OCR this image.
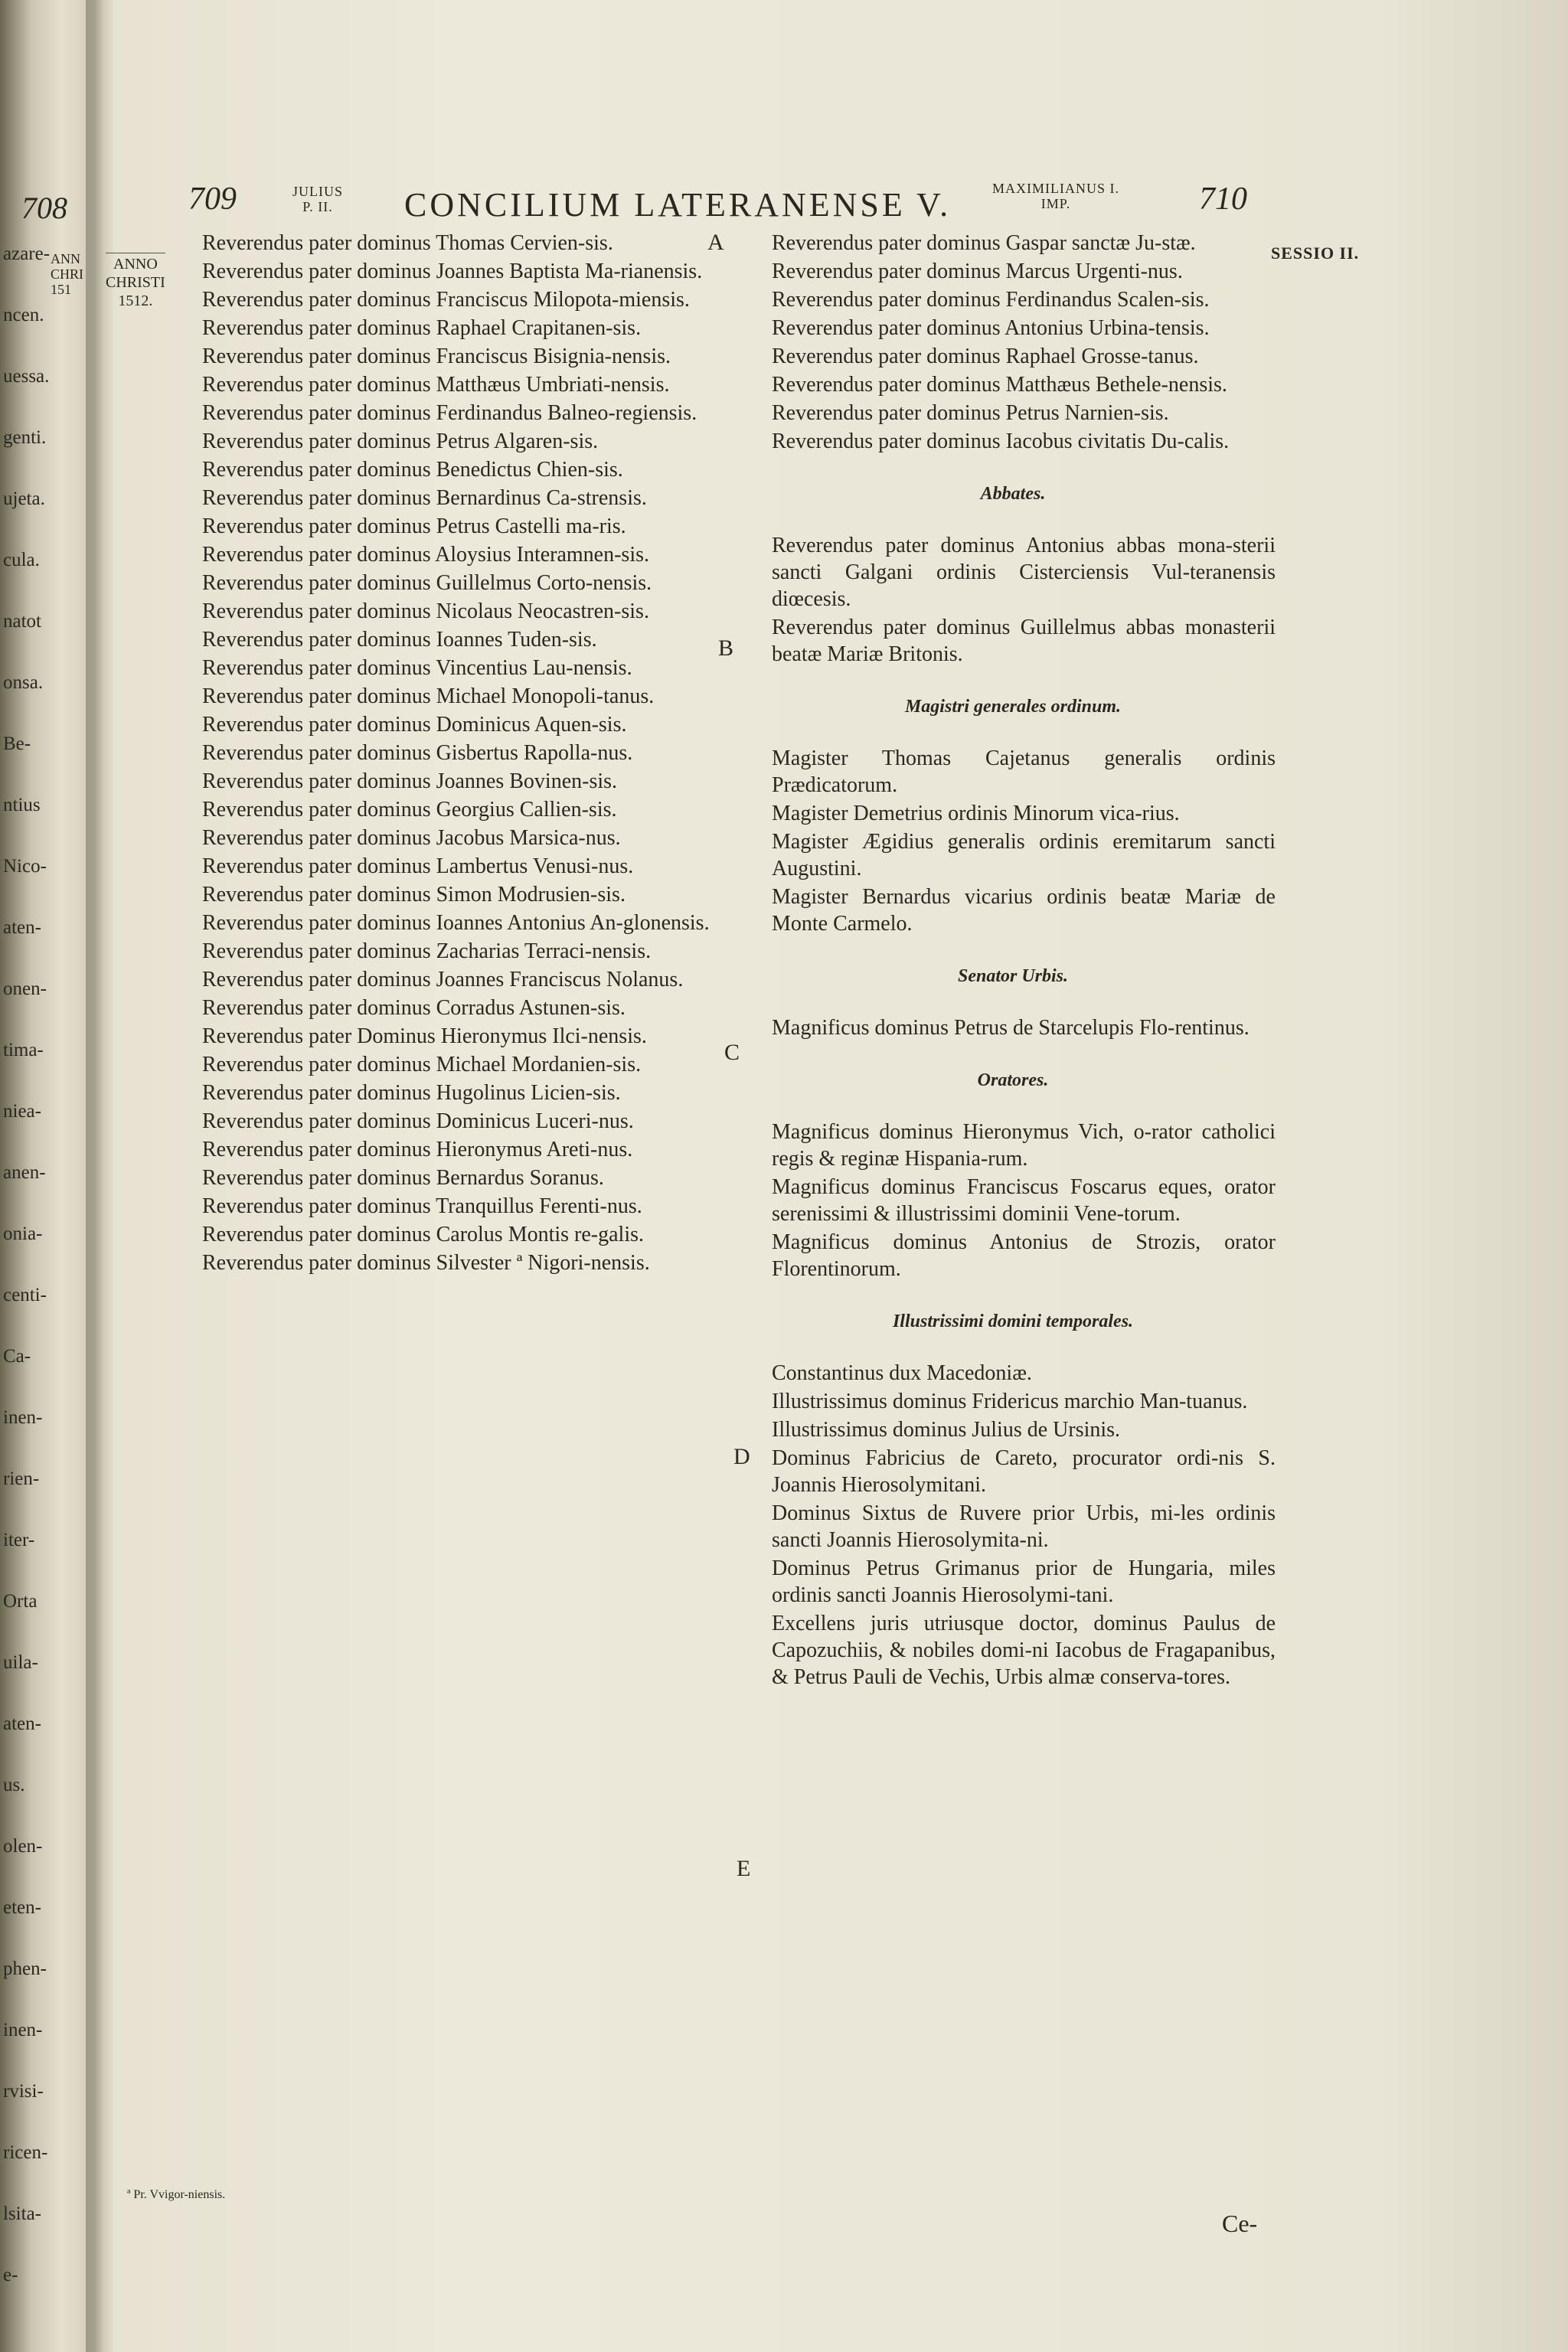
708
ANN
CHRI
151
azare-
ncen.
uessa.
genti.
ujeta.
cula.
natot
onsa.
Be-
ntius
Nico-
aten-
onen-
tima-
niea-
anen-
onia-
centi-
Ca-
inen-
rien-
iter-
Orta
uila-
aten-
us.
olen-
eten-
phen-
inen-
rvisi-
ricen-
lsita-
e-
709	JULIUS
P. II.	CONCILIUM LATERANENSE V.	MAXIMILIANUS I.
IMP.	710
SESSIO II.
ANNO
CHRISTI
1512.
A
B
C
D
E

Reverendus pater dominus Thomas Cervien-sis.

Reverendus pater dominus Joannes Baptista Ma-rianensis.

Reverendus pater dominus Franciscus Milopota-miensis.

Reverendus pater dominus Raphael Crapitanen-sis.

Reverendus pater dominus Franciscus Bisignia-nensis.

Reverendus pater dominus Matthæus Umbriati-nensis.

Reverendus pater dominus Ferdinandus Balneo-regiensis.

Reverendus pater dominus Petrus Algaren-sis.

Reverendus pater dominus Benedictus Chien-sis.

Reverendus pater dominus Bernardinus Ca-strensis.

Reverendus pater dominus Petrus Castelli ma-ris.

Reverendus pater dominus Aloysius Interamnen-sis.

Reverendus pater dominus Guillelmus Corto-nensis.

Reverendus pater dominus Nicolaus Neocastren-sis.

Reverendus pater dominus Ioannes Tuden-sis.

Reverendus pater dominus Vincentius Lau-nensis.

Reverendus pater dominus Michael Monopoli-tanus.

Reverendus pater dominus Dominicus Aquen-sis.

Reverendus pater dominus Gisbertus Rapolla-nus.

Reverendus pater dominus Joannes Bovinen-sis.

Reverendus pater dominus Georgius Callien-sis.

Reverendus pater dominus Jacobus Marsica-nus.

Reverendus pater dominus Lambertus Venusi-nus.

Reverendus pater dominus Simon Modrusien-sis.

Reverendus pater dominus Ioannes Antonius An-glonensis.

Reverendus pater dominus Zacharias Terraci-nensis.

Reverendus pater dominus Joannes Franciscus Nolanus.

Reverendus pater dominus Corradus Astunen-sis.

Reverendus pater Dominus Hieronymus Ilci-nensis.

Reverendus pater dominus Michael Mordanien-sis.

Reverendus pater dominus Hugolinus Licien-sis.

Reverendus pater dominus Dominicus Luceri-nus.

Reverendus pater dominus Hieronymus Areti-nus.

Reverendus pater dominus Bernardus Soranus.

Reverendus pater dominus Tranquillus Ferenti-nus.

Reverendus pater dominus Carolus Montis re-galis.

Reverendus pater dominus Silvester ª Nigori-nensis.

Reverendus pater dominus Gaspar sanctæ Ju-stæ.

Reverendus pater dominus Marcus Urgenti-nus.

Reverendus pater dominus Ferdinandus Scalen-sis.

Reverendus pater dominus Antonius Urbina-tensis.

Reverendus pater dominus Raphael Grosse-tanus.

Reverendus pater dominus Matthæus Bethele-nensis.

Reverendus pater dominus Petrus Narnien-sis.

Reverendus pater dominus Iacobus civitatis Du-calis.

Abbates.

Reverendus pater dominus Antonius abbas mona-sterii sancti Galgani ordinis Cisterciensis Vul-teranensis diœcesis.

Reverendus pater dominus Guillelmus abbas monasterii beatæ Mariæ Britonis.

Magistri generales ordinum.

Magister Thomas Cajetanus generalis ordinis Prædicatorum.

Magister Demetrius ordinis Minorum vica-rius.

Magister Ægidius generalis ordinis eremitarum sancti Augustini.

Magister Bernardus vicarius ordinis beatæ Mariæ de Monte Carmelo.

Senator Urbis.

Magnificus dominus Petrus de Starcelupis Flo-rentinus.

Oratores.

Magnificus dominus Hieronymus Vich, o-rator catholici regis & reginæ Hispania-rum.

Magnificus dominus Franciscus Foscarus eques, orator serenissimi & illustrissimi dominii Vene-torum.

Magnificus dominus Antonius de Strozis, orator Florentinorum.

Illustrissimi domini temporales.

Constantinus dux Macedoniæ.

Illustrissimus dominus Fridericus marchio Man-tuanus.

Illustrissimus dominus Julius de Ursinis.

Dominus Fabricius de Careto, procurator ordi-nis S. Joannis Hierosolymitani.

Dominus Sixtus de Ruvere prior Urbis, mi-les ordinis sancti Joannis Hierosolymita-ni.

Dominus Petrus Grimanus prior de Hungaria, miles ordinis sancti Joannis Hierosolymi-tani.

Excellens juris utriusque doctor, dominus Paulus de Capozuchiis, & nobiles domi-ni Iacobus de Fragapanibus, & Petrus Pauli de Vechis, Urbis almæ conserva-tores.

ª Pr. Vvigor-niensis.
Ce-
